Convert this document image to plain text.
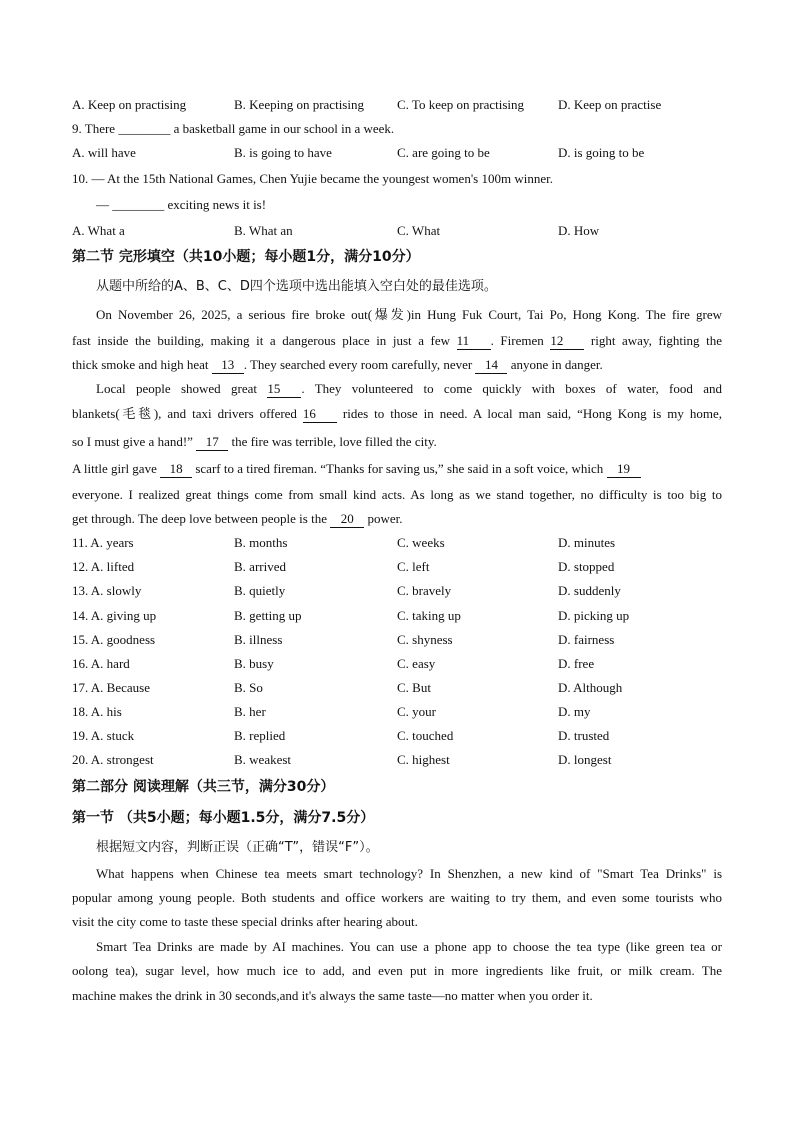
A. Keep on practising	B. Keeping on practising	C. To keep on practising	D. Keep on practise
9. There ________ a basketball game in our school in a week.
A. will have	B. is going to have	C. are going to be	D. is going to be
10. — At the 15th National Games, Chen Yujie became the youngest women's 100m winner.
— ________ exciting news it is!
A. What a	B. What an	C. What	D. How
第二节 完形填空（共10小题；每小题1分，满分10分）
从题中所给的A、B、C、D四个选项中选出能填入空白处的最佳选项。
On November 26, 2025, a serious fire broke out(爆发)in Hung Fuk Court, Tai Po, Hong Kong. The fire grew
fast inside the building, making it a dangerous place in just a few 11 . Firemen 12 right away, fighting the
thick smoke and high heat 13 . They searched every room carefully, never 14 anyone in danger.
Local people showed great 15 . They volunteered to come quickly with boxes of water, food and
blankets(毛毯), and taxi drivers offered 16 rides to those in need. A local man said, “Hong Kong is my home,
so I must give a hand!” 17 the fire was terrible, love filled the city.
A little girl gave 18 scarf to a tired fireman. “Thanks for saving us,” she said in a soft voice, which 19
everyone. I realized great things come from small kind acts. As long as we stand together, no difficulty is too big to
get through. The deep love between people is the 20 power.
11. A. years	B. months	C. weeks	D. minutes
12. A. lifted	B. arrived	C. left	D. stopped
13. A. slowly	B. quietly	C. bravely	D. suddenly
14. A. giving up	B. getting up	C. taking up	D. picking up
15. A. goodness	B. illness	C. shyness	D. fairness
16. A. hard	B. busy	C. easy	D. free
17. A. Because	B. So	C. But	D. Although
18. A. his	B. her	C. your	D. my
19. A. stuck	B. replied	C. touched	D. trusted
20. A. strongest	B. weakest	C. highest	D. longest
第二部分 阅读理解（共三节，满分30分）
第一节 （共5小题；每小题1.5分，满分7.5分）
根据短文内容，判断正误（正确“T”，错误“F”）。
What happens when Chinese tea meets smart technology? In Shenzhen, a new kind of "Smart Tea Drinks" is
popular among young people. Both students and office workers are waiting to try them, and even some tourists who
visit the city come to taste these special drinks after hearing about.
Smart Tea Drinks are made by AI machines. You can use a phone app to choose the tea type (like green tea or
oolong tea), sugar level, how much ice to add, and even put in more ingredients like fruit, or milk cream. The
machine makes the drink in 30 seconds,and it's always the same taste—no matter when you order it.
